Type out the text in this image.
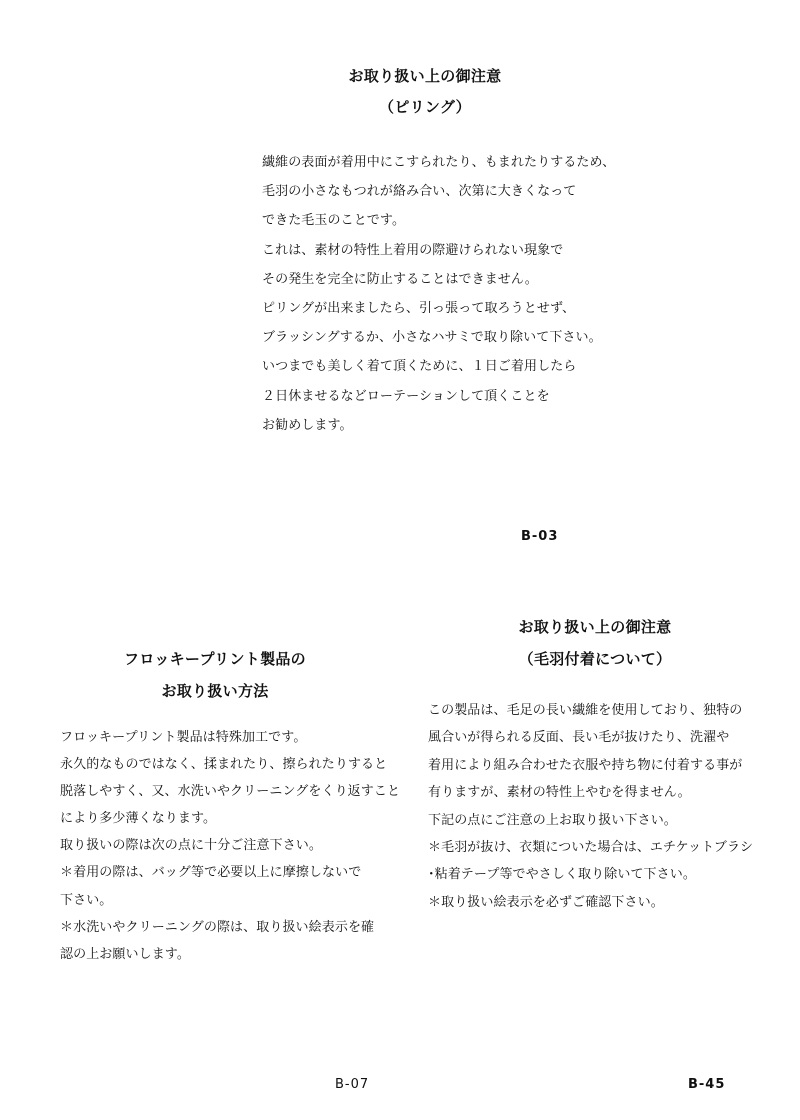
お取り扱い上の御注意
（ピリング）
繊維の表面が着用中にこすられたり、もまれたりするため、
毛羽の小さなもつれが絡み合い、次第に大きくなって
できた毛玉のことです。
これは、素材の特性上着用の際避けられない現象で
その発生を完全に防止することはできません。
ピリングが出来ましたら、引っ張って取ろうとせず、
ブラッシングするか、小さなハサミで取り除いて下さい。
いつまでも美しく着て頂くために、１日ご着用したら
２日休ませるなどローテーションして頂くことを
お勧めします。
B-03
フロッキープリント製品の
お取り扱い方法
フロッキープリント製品は特殊加工です。
永久的なものではなく、揉まれたり、擦られたりすると
脱落しやすく、又、水洗いやクリーニングをくり返すこと
により多少薄くなります。
取り扱いの際は次の点に十分ご注意下さい。
＊着用の際は、バッグ等で必要以上に摩擦しないで
下さい。
＊水洗いやクリーニングの際は、取り扱い絵表示を確
認の上お願いします。
B-07
お取り扱い上の御注意
（毛羽付着について）
この製品は、毛足の長い繊維を使用しており、独特の
風合いが得られる反面、長い毛が抜けたり、洗濯や
着用により組み合わせた衣服や持ち物に付着する事が
有りますが、素材の特性上やむを得ません。
下記の点にご注意の上お取り扱い下さい。
＊毛羽が抜け、衣類についた場合は、エチケットブラシ
･粘着テープ等でやさしく取り除いて下さい。
＊取り扱い絵表示を必ずご確認下さい。
B-45
